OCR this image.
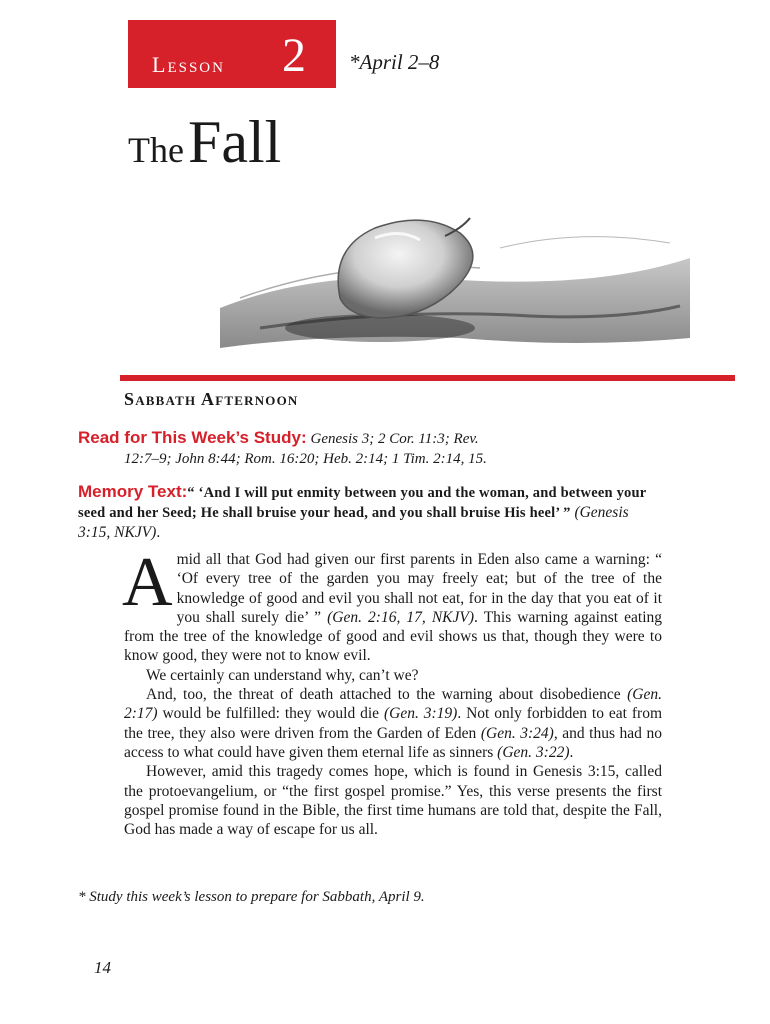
Lesson 2 *April 2–8
The Fall
Sabbath Afternoon
Read for This Week’s Study: Genesis 3; 2 Cor. 11:3; Rev.
12:7–9; John 8:44; Rom. 16:20; Heb. 2:14; 1 Tim. 2:14, 15.
Memory Text:“ ‘And I will put enmity between you and the woman, and between your seed and her Seed; He shall bruise your head, and you shall bruise His heel’ ” (Genesis 3:15, NKJV).

Amid all that God had given our first parents in Eden also came a warning: “ ‘Of every tree of the garden you may freely eat; but of the tree of the knowledge of good and evil you shall not eat, for in the day that you eat of it you shall surely die’ ” (Gen. 2:16, 17, NKJV). This warning against eating from the tree of the knowledge of good and evil shows us that, though they were to know good, they were not to know evil.

We certainly can understand why, can’t we?

And, too, the threat of death attached to the warning about disobedience (Gen. 2:17) would be fulfilled: they would die (Gen. 3:19). Not only forbidden to eat from the tree, they also were driven from the Garden of Eden (Gen. 3:24), and thus had no access to what could have given them eternal life as sinners (Gen. 3:22).

However, amid this tragedy comes hope, which is found in Genesis 3:15, called the protoevangelium, or “the first gospel promise.” Yes, this verse presents the first gospel promise found in the Bible, the first time humans are told that, despite the Fall, God has made a way of escape for us all.

* Study this week’s lesson to prepare for Sabbath, April 9.
14
